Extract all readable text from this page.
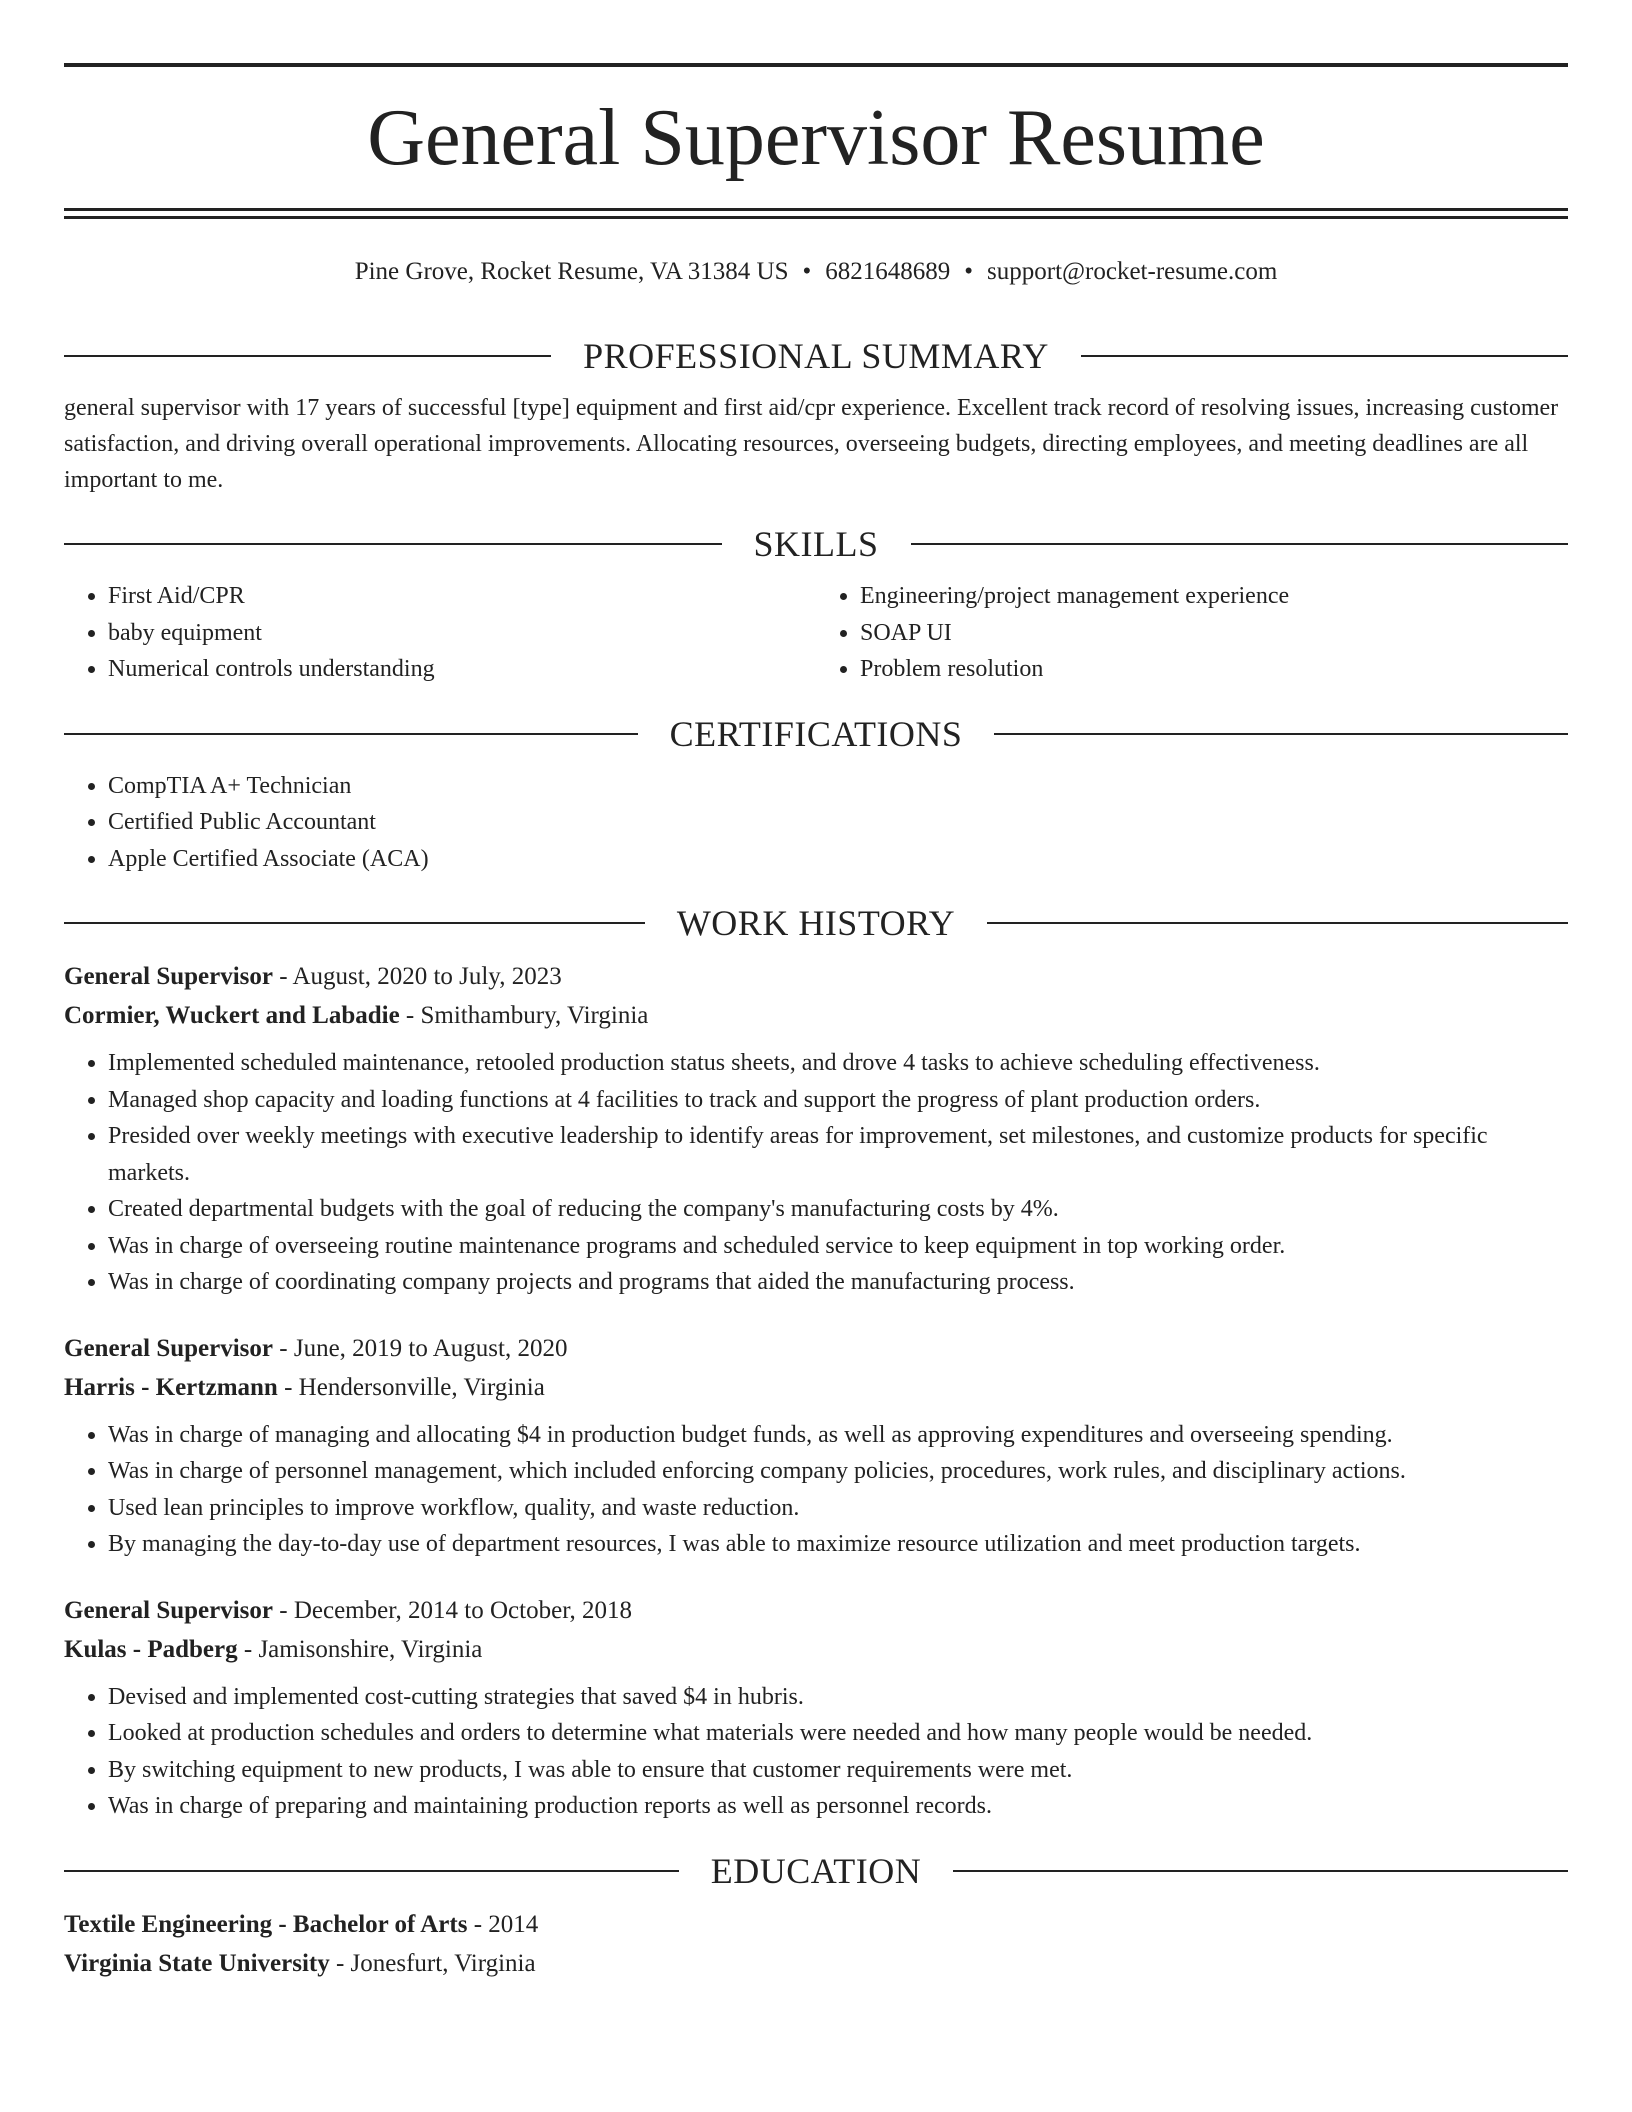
General Supervisor Resume
Pine Grove, Rocket Resume, VA 31384 US • 6821648689 • support@rocket-resume.com
PROFESSIONAL SUMMARY
general supervisor with 17 years of successful [type] equipment and first aid/cpr experience. Excellent track record of resolving issues, increasing customer satisfaction, and driving overall operational improvements. Allocating resources, overseeing budgets, directing employees, and meeting deadlines are all important to me.
SKILLS
• First Aid/CPR
• baby equipment
• Numerical controls understanding
• Engineering/project management experience
• SOAP UI
• Problem resolution
CERTIFICATIONS
• CompTIA A+ Technician
• Certified Public Accountant
• Apple Certified Associate (ACA)
WORK HISTORY
General Supervisor - August, 2020 to July, 2023
Cormier, Wuckert and Labadie - Smithambury, Virginia
• Implemented scheduled maintenance, retooled production status sheets, and drove 4 tasks to achieve scheduling effectiveness.
• Managed shop capacity and loading functions at 4 facilities to track and support the progress of plant production orders.
• Presided over weekly meetings with executive leadership to identify areas for improvement, set milestones, and customize products for specific markets.
• Created departmental budgets with the goal of reducing the company's manufacturing costs by 4%.
• Was in charge of overseeing routine maintenance programs and scheduled service to keep equipment in top working order.
• Was in charge of coordinating company projects and programs that aided the manufacturing process.
General Supervisor - June, 2019 to August, 2020
Harris - Kertzmann - Hendersonville, Virginia
• Was in charge of managing and allocating $4 in production budget funds, as well as approving expenditures and overseeing spending.
• Was in charge of personnel management, which included enforcing company policies, procedures, work rules, and disciplinary actions.
• Used lean principles to improve workflow, quality, and waste reduction.
• By managing the day-to-day use of department resources, I was able to maximize resource utilization and meet production targets.
General Supervisor - December, 2014 to October, 2018
Kulas - Padberg - Jamisonshire, Virginia
• Devised and implemented cost-cutting strategies that saved $4 in hubris.
• Looked at production schedules and orders to determine what materials were needed and how many people would be needed.
• By switching equipment to new products, I was able to ensure that customer requirements were met.
• Was in charge of preparing and maintaining production reports as well as personnel records.
EDUCATION
Textile Engineering - Bachelor of Arts - 2014
Virginia State University - Jonesfurt, Virginia
